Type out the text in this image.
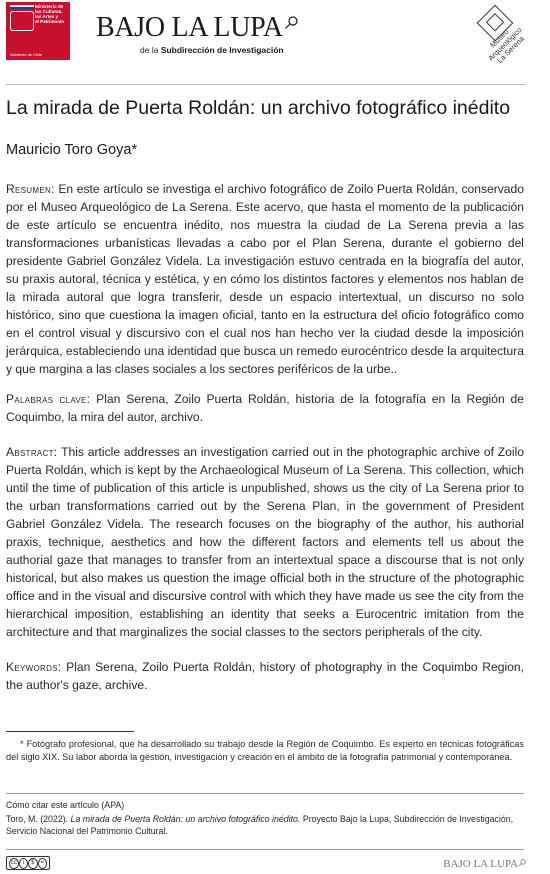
Ministerio de
las Culturas,
las Artes y
el Patrimonio
Gobierno de Chile
BAJO LA LUPA
de la Subdirección de Investigación
Museo
Arqueológico
La Serena
La mirada de Puerta Roldán: un archivo fotográfico inédito
Mauricio Toro Goya*

Resumen: En este artículo se investiga el archivo fotográfico de Zoilo Puerta Roldán, conservado por el Museo Arqueológico de La Serena. Este acervo, que hasta el momento de la publicación de este artículo se encuentra inédito, nos muestra la ciudad de La Serena previa a las transformaciones urbanísticas llevadas a cabo por el Plan Serena, durante el gobierno del presidente Gabriel González Videla. La investigación estuvo centrada en la biografía del autor, su praxis autoral, técnica y estética, y en cómo los distintos factores y elementos nos hablan de la mirada autoral que logra transferir, desde un espacio intertextual, un discurso no solo histórico, sino que cuestiona la imagen oficial, tanto en la estructura del oficio fotográfico como en el control visual y discursivo con el cual nos han hecho ver la ciudad desde la imposición jerárquica, estableciendo una identidad que busca un remedo eurocéntrico desde la arquitectura y que margina a las clases sociales a los sectores periféricos de la urbe..

Palabras clave: Plan Serena, Zoilo Puerta Roldán, historia de la fotografía en la Región de Coquimbo, la mira del autor, archivo.

Abstract: This article addresses an investigation carried out in the photographic archive of Zoilo Puerta Roldán, which is kept by the Archaeological Museum of La Serena. This collection, which until the time of publication of this article is unpublished, shows us the city of La Serena prior to the urban transformations carried out by the Serena Plan, in the government of President Gabriel González Videla. The research focuses on the biography of the author, his authorial praxis, technique, aesthetics and how the different factors and elements tell us about the authorial gaze that manages to transfer from an intertextual space a discourse that is not only historical, but also makes us question the image official both in the structure of the photographic office and in the visual and discursive control with which they have made us see the city from the hierarchical imposition, establishing an identity that seeks a Eurocentric imitation from the architecture and that marginalizes the social classes to the sectors peripherals of the city.

Keywords: Plan Serena, Zoilo Puerta Roldán, history of photography in the Coquimbo Region, the author's gaze, archive.

* Fotógrafo profesional, que ha desarrollado su trabajo desde la Región de Coquimbo. Es experto en técnicas fotográficas del siglo XIX. Su labor aborda la gestión, investigación y creación en el ámbito de la fotografía patrimonial y contemporánea.

Cómo citar este artículo (APA)

Toro, M. (2022). La mirada de Puerta Roldán: un archivo fotográfico inédito. Proyecto Bajo la Lupa, Subdirección de Investigación, Servicio Nacional del Patrimonio Cultural.

cc i	$	=	BAJO LA LUPA
